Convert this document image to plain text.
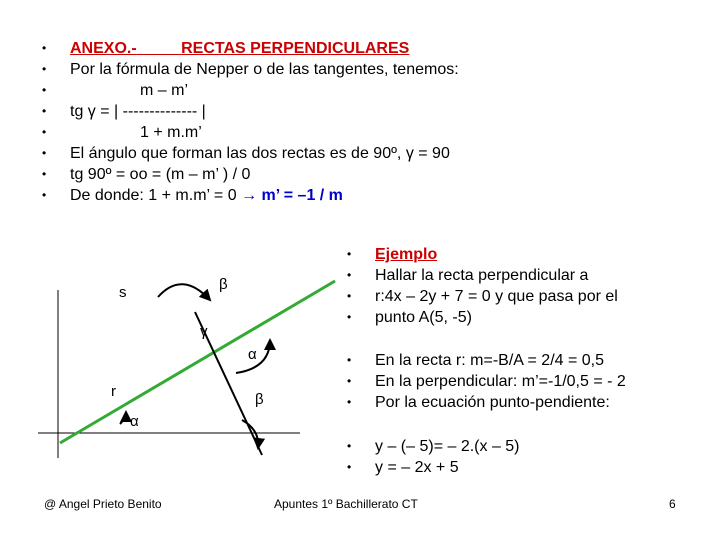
• ANEXO.-	RECTAS PERPENDICULARES
• Por la fórmula de Nepper o de las tangentes, tenemos:
•	m – m’
• tg γ = | -------------- |
•	1 + m.m’
• El ángulo que forman las dos rectas es de 90º, γ = 90
• tg 90º = oo = (m – m’ ) / 0
• De donde: 1 + m.m’ = 0 → m’ = –1 / m
• Ejemplo
• Hallar la recta perpendicular a
• r:4x – 2y + 7 = 0 y que pasa por el
• punto A(5, -5)
• En la recta r: m=-B/A = 2/4 = 0,5
• En la perpendicular: m’=-1/0,5 = - 2
• Por la ecuación punto-pendiente:
• y – (– 5)= – 2.(x – 5)
• y = – 2x + 5
s	β
γ
α
r	β
α
@ Angel Prieto Benito	Apuntes 1º Bachillerato CT	6
